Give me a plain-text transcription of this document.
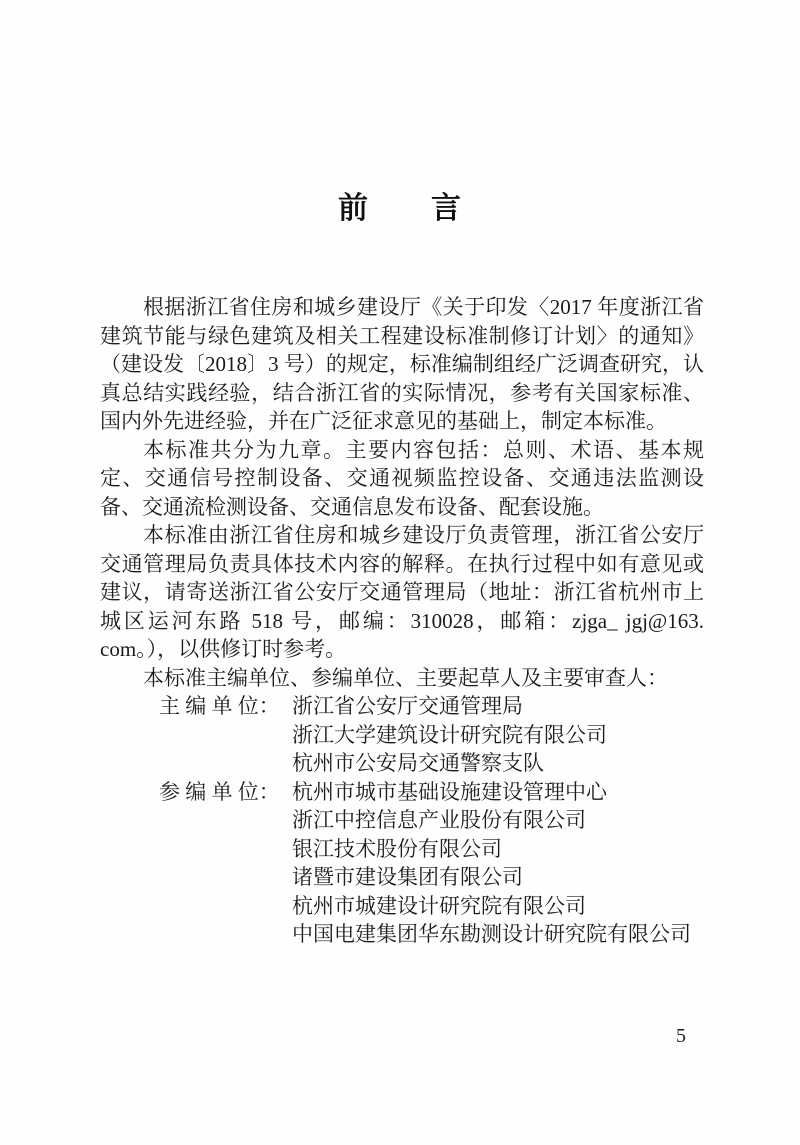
前　　言

根据浙江省住房和城乡建设厅《关于印发〈2017 年度浙江省建筑节能与绿色建筑及相关工程建设标准制修订计划〉的通知》（建设发〔2018〕3 号）的规定，标准编制组经广泛调查研究，认真总结实践经验，结合浙江省的实际情况，参考有关国家标准、国内外先进经验，并在广泛征求意见的基础上，制定本标准。

本标准共分为九章。主要内容包括：总则、术语、基本规定、交通信号控制设备、交通视频监控设备、交通违法监测设备、交通流检测设备、交通信息发布设备、配套设施。

本标准由浙江省住房和城乡建设厅负责管理，浙江省公安厅交通管理局负责具体技术内容的解释。在执行过程中如有意见或建议，请寄送浙江省公安厅交通管理局（地址：浙江省杭州市上城区运河东路 518 号，邮编：310028，邮箱：zjga_ jgj@163. com。），以供修订时参考。

本标准主编单位、参编单位、主要起草人及主要审查人：

主 编 单 位： 浙江省公安厅交通管理局
浙江大学建筑设计研究院有限公司
杭州市公安局交通警察支队
参 编 单 位： 杭州市城市基础设施建设管理中心
浙江中控信息产业股份有限公司
银江技术股份有限公司
诸暨市建设集团有限公司
杭州市城建设计研究院有限公司
中国电建集团华东勘测设计研究院有限公司
5
